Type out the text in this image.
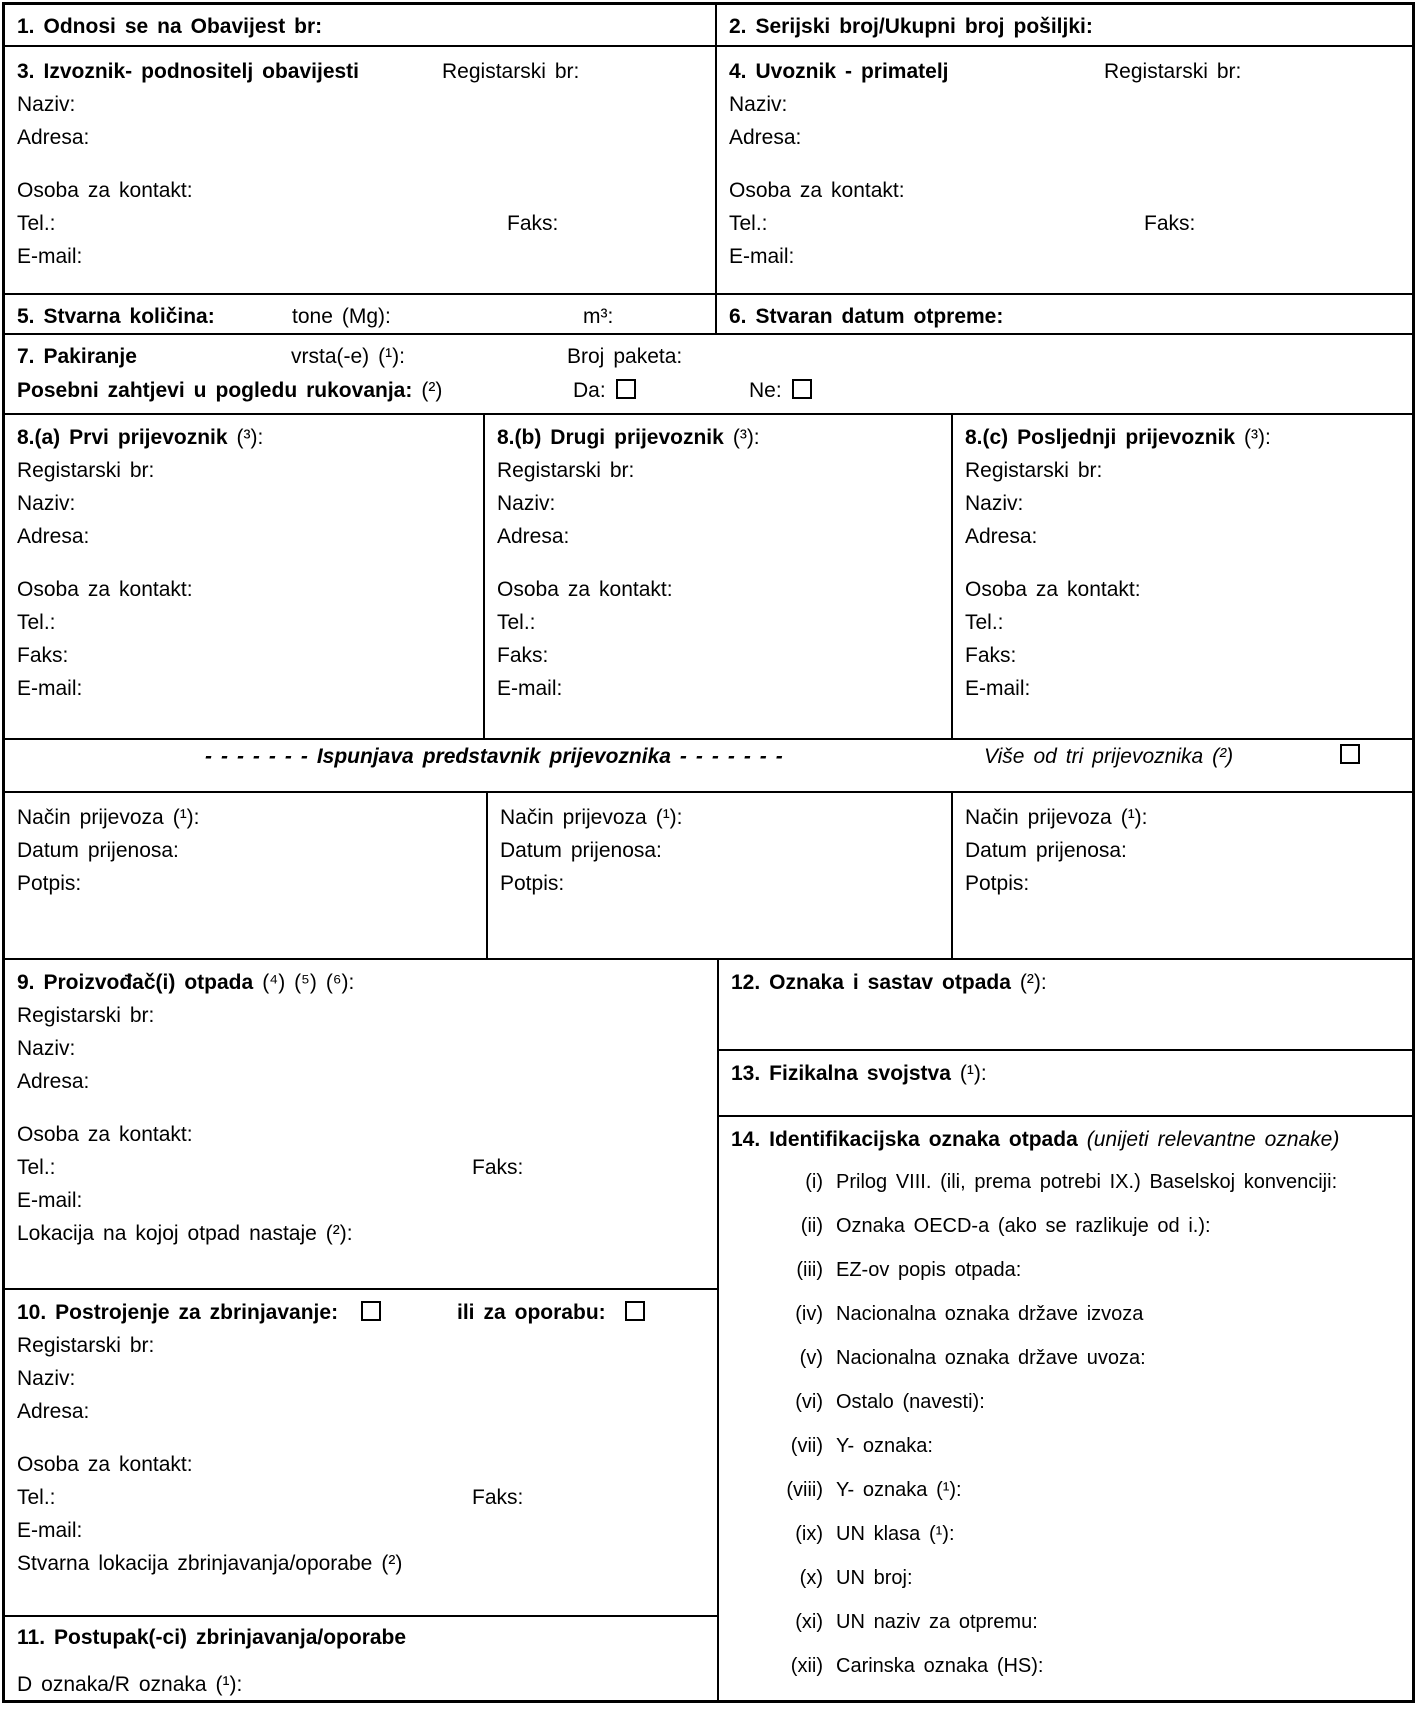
1. Odnosi se na Obavijest br:	2. Serijski broj/Ukupni broj pošiljki:
3. Izvoznik- podnositelj obavijesti	Registarski br:
Naziv:
Adresa:
Osoba za kontakt:
Tel.:	Faks:
E-mail:
4. Uvoznik - primatelj	Registarski br:
Naziv:
Adresa:
Osoba za kontakt:
Tel.:	Faks:
E-mail:
5. Stvarna količina:	tone (Mg):	m³:	6. Stvaran datum otpreme:
7. Pakiranje	vrsta(-e) (¹):	Broj paketa:
Posebni zahtjevi u pogledu rukovanja: (²)	Da:	Ne:
8.(a) Prvi prijevoznik (³):
Registarski br:
Naziv:
Adresa:
Osoba za kontakt:
Tel.:
Faks:
E-mail:
8.(b) Drugi prijevoznik (³):
Registarski br:
Naziv:
Adresa:
Osoba za kontakt:
Tel.:
Faks:
E-mail:
8.(c) Posljednji prijevoznik (³):
Registarski br:
Naziv:
Adresa:
Osoba za kontakt:
Tel.:
Faks:
E-mail:
- - - - - - - Ispunjava predstavnik prijevoznika - - - - - - -	Više od tri prijevoznika (²)
Način prijevoza (¹):
Datum prijenosa:
Potpis:
Način prijevoza (¹):
Datum prijenosa:
Potpis:
Način prijevoza (¹):
Datum prijenosa:
Potpis:
9. Proizvođač(i) otpada (⁴) (⁵) (⁶):
Registarski br:
Naziv:
Adresa:
Osoba za kontakt:
Tel.:	Faks:
E-mail:
Lokacija na kojoj otpad nastaje (²):
10. Postrojenje za zbrinjavanje:	ili za oporabu:
Registarski br:
Naziv:
Adresa:
Osoba za kontakt:
Tel.:	Faks:
E-mail:
Stvarna lokacija zbrinjavanja/oporabe (²)
11. Postupak(-ci) zbrinjavanja/oporabe
D oznaka/R oznaka (¹):
12. Oznaka i sastav otpada (²):
13. Fizikalna svojstva (¹):
14. Identifikacijska oznaka otpada (unijeti relevantne oznake)
(i) Prilog VIII. (ili, prema potrebi IX.) Baselskoj konvenciji:
(ii) Oznaka OECD-a (ako se razlikuje od i.):
(iii) EZ-ov popis otpada:
(iv) Nacionalna oznaka države izvoza
(v) Nacionalna oznaka države uvoza:
(vi) Ostalo (navesti):
(vii) Y- oznaka:
(viii) Y- oznaka (¹):
(ix) UN klasa (¹):
(x) UN broj:
(xi) UN naziv za otpremu:
(xii) Carinska oznaka (HS):
